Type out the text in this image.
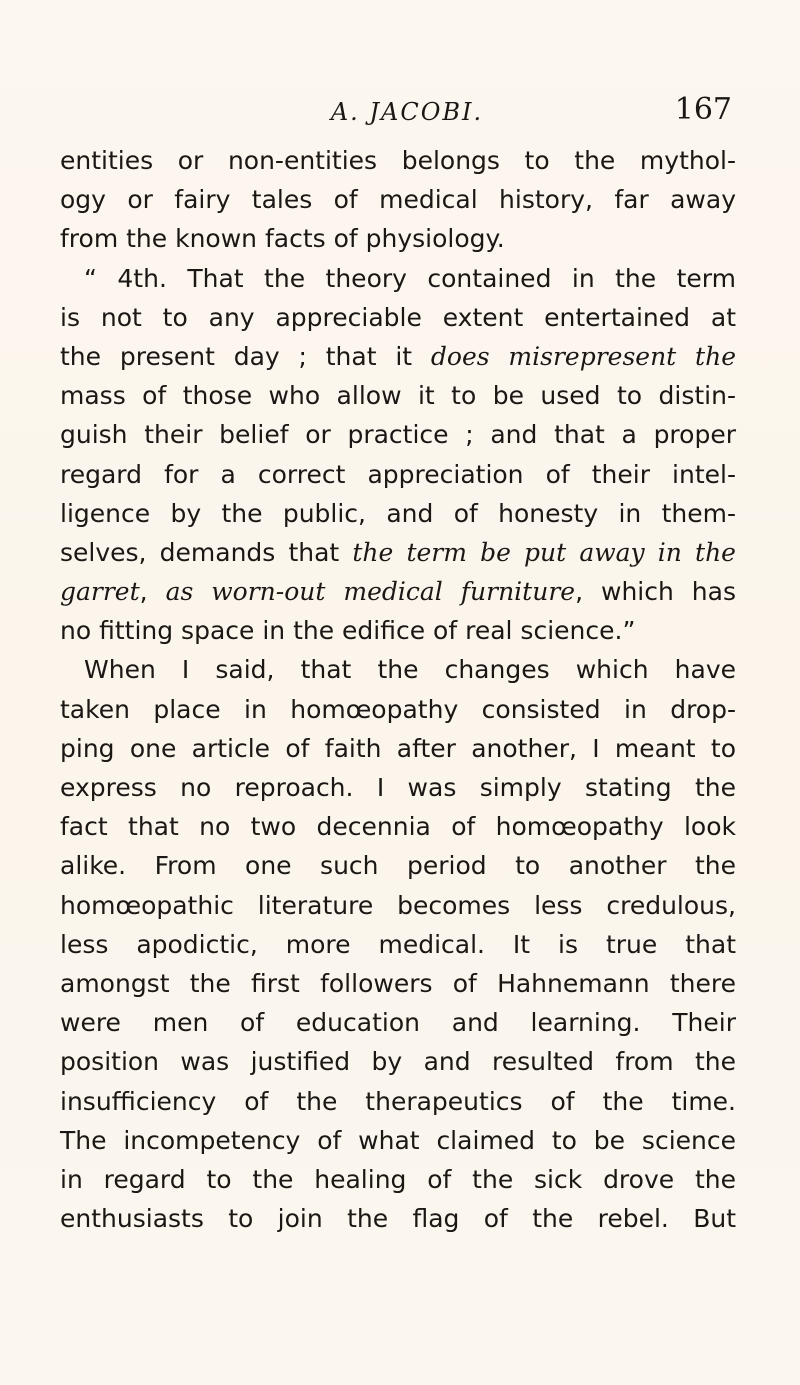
A. JACOBI.	167
entities or non-entities belongs to the mythol-
ogy or fairy tales of medical history, far away
from the known facts of physiology.
“ 4th. That the theory contained in the term
is not to any appreciable extent entertained at
the present day ; that it does misrepresent the
mass of those who allow it to be used to distin-
guish their belief or practice ; and that a proper
regard for a correct appreciation of their intel-
ligence by the public, and of honesty in them-
selves, demands that the term be put away in the
garret, as worn-out medical furniture, which has
no fitting space in the edifice of real science.”
When I said, that the changes which have
taken place in homœopathy consisted in drop-
ping one article of faith after another, I meant to
express no reproach. I was simply stating the
fact that no two decennia of homœopathy look
alike. From one such period to another the
homœopathic literature becomes less credulous,
less apodictic, more medical. It is true that
amongst the first followers of Hahnemann there
were men of education and learning. Their
position was justified by and resulted from the
insufficiency of the therapeutics of the time.
The incompetency of what claimed to be science
in regard to the healing of the sick drove the
enthusiasts to join the flag of the rebel. But
